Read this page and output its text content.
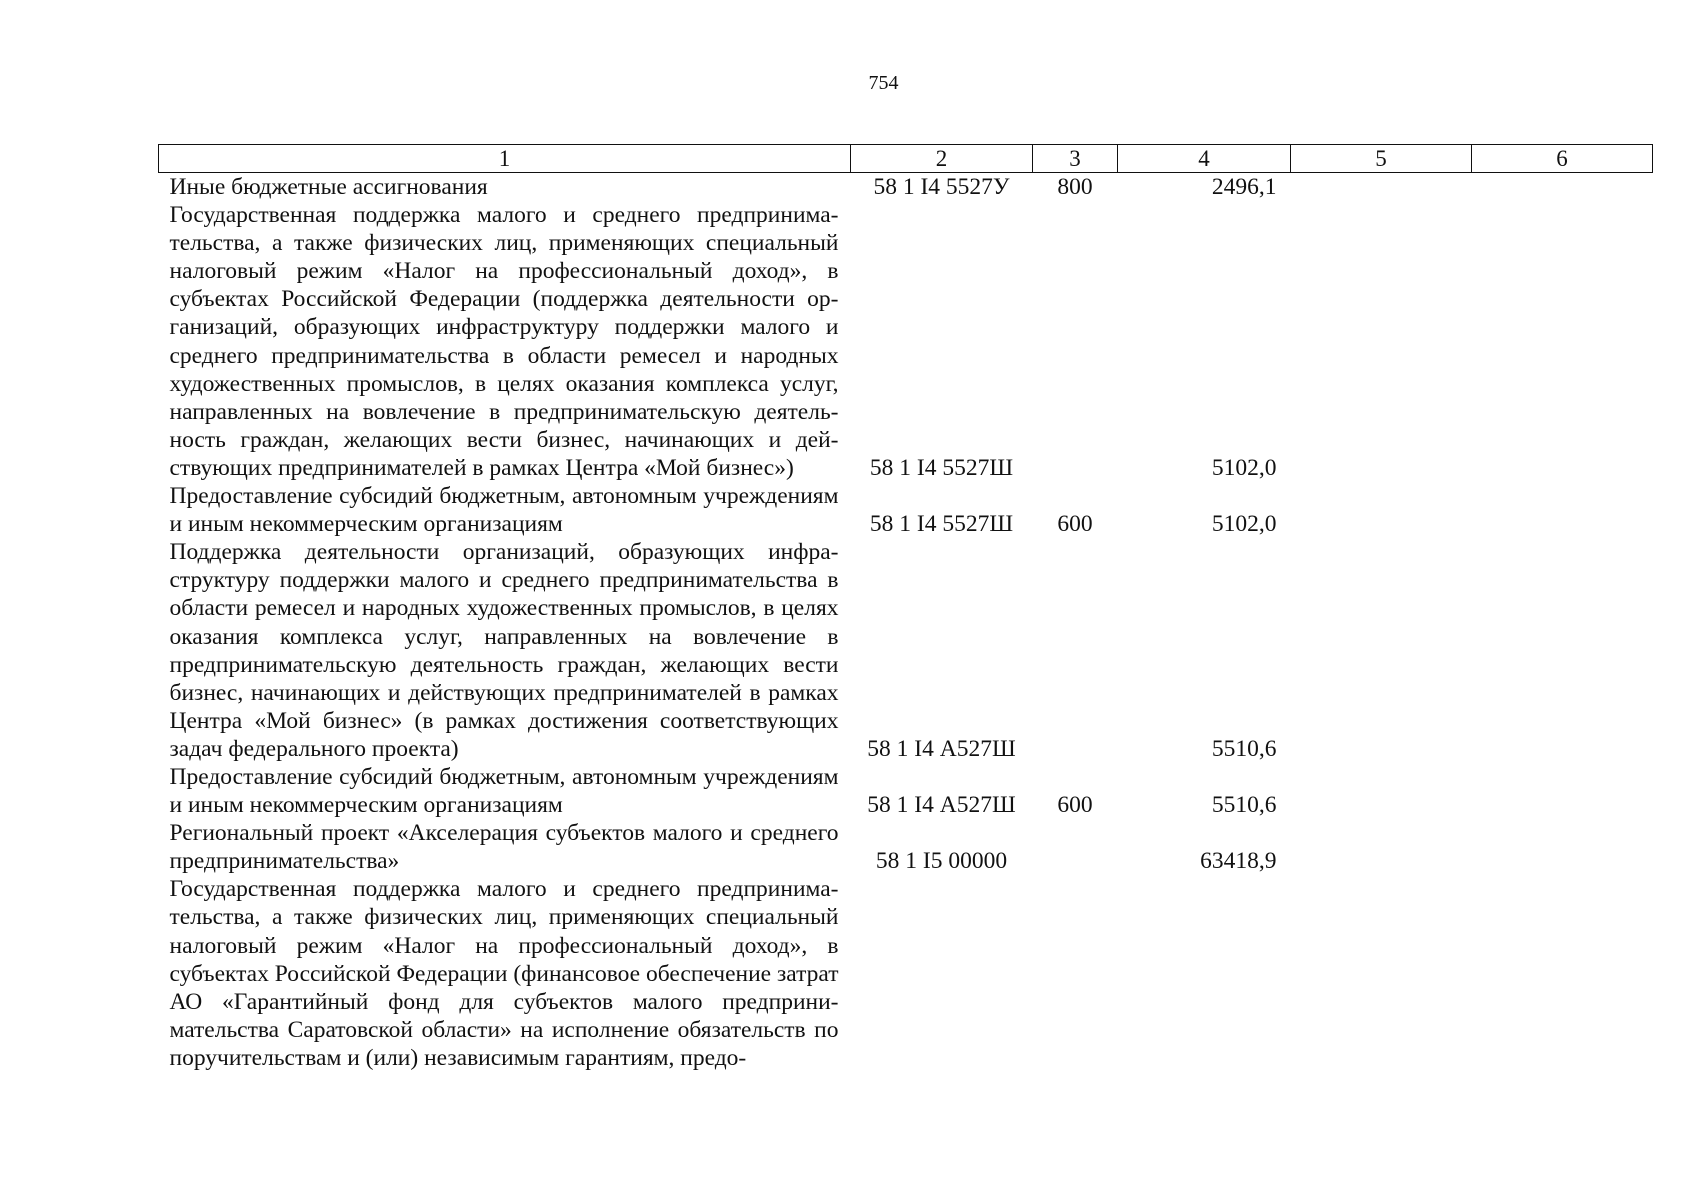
754
1	2	3	4	5	6
Иные бюджетные ассигнования	58 1 I4 5527У	800	2496,1		
Государственная поддержка малого и среднего предпринимательства, а также физических лиц, применяющих специальный налоговый режим «Налог на профессиональный доход», в субъектах Российской Федерации (поддержка деятельности организаций, образующих инфраструктуру поддержки малого и среднего предпринимательства в области ремесел и народных художественных промыслов, в целях оказания комплекса услуг, направленных на вовлечение в предпринимательскую деятельность граждан, желающих вести бизнес, начинающих и действующих предпринимателей в рамках Центра «Мой бизнес»)	58 1 I4 5527Ш		5102,0		
Предоставление субсидий бюджетным, автономным учреждениям и иным некоммерческим организациям	58 1 I4 5527Ш	600	5102,0		
Поддержка деятельности организаций, образующих инфраструктуру поддержки малого и среднего предпринимательства в области ремесел и народных художественных промыслов, в целях оказания комплекса услуг, направленных на вовлечение в предпринимательскую деятельность граждан, желающих вести бизнес, начинающих и действующих предпринимателей в рамках Центра «Мой бизнес» (в рамках достижения соответствующих задач федерального проекта)	58 1 I4 А527Ш		5510,6		
Предоставление субсидий бюджетным, автономным учреждениям и иным некоммерческим организациям	58 1 I4 А527Ш	600	5510,6		
Региональный проект «Акселерация субъектов малого и среднего предпринимательства»	58 1 I5 00000		63418,9		
Государственная поддержка малого и среднего предпринимательства, а также физических лиц, применяющих специальный налоговый режим «Налог на профессиональный доход», в субъектах Российской Федерации (финансовое обеспечение затрат АО «Гарантийный фонд для субъектов малого предпринимательства Саратовской области» на исполнение обязательств по поручительствам и (или) независимым гарантиям, предо-					
